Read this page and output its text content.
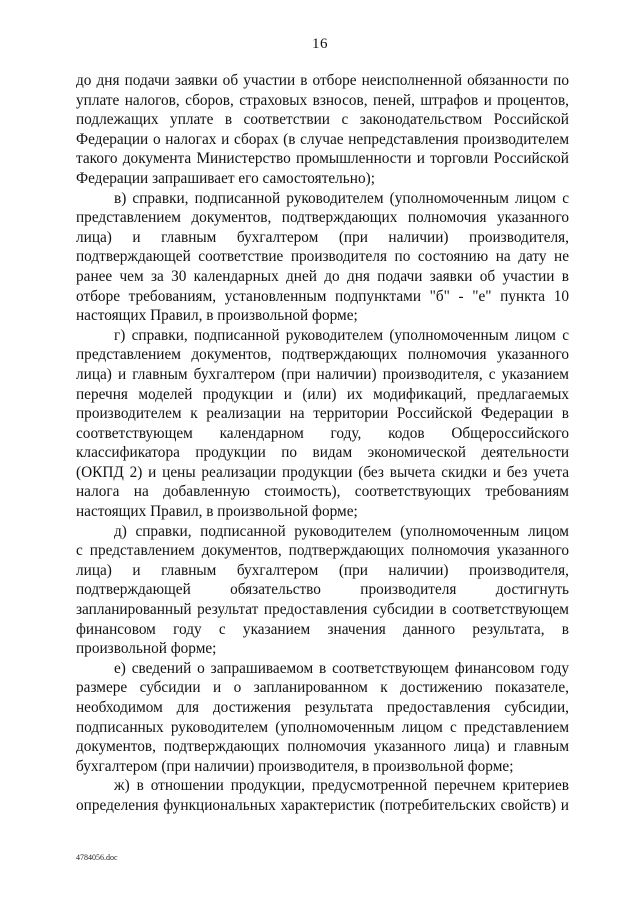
16

до дня подачи заявки об участии в отборе неисполненной обязанности по

уплате налогов, сборов, страховых взносов, пеней, штрафов и процентов,

подлежащих уплате в соответствии с законодательством Российской

Федерации о налогах и сборах (в случае непредставления производителем

такого документа Министерство промышленности и торговли Российской

Федерации запрашивает его самостоятельно);

в) справки, подписанной руководителем (уполномоченным лицом с

представлением документов, подтверждающих полномочия указанного

лица) и главным бухгалтером (при наличии) производителя,

подтверждающей соответствие производителя по состоянию на дату не

ранее чем за 30 календарных дней до дня подачи заявки об участии в

отборе требованиям, установленным подпунктами "б" - "е" пункта 10

настоящих Правил, в произвольной форме;

г) справки, подписанной руководителем (уполномоченным лицом с

представлением документов, подтверждающих полномочия указанного

лица) и главным бухгалтером (при наличии) производителя, с указанием

перечня моделей продукции и (или) их модификаций, предлагаемых

производителем к реализации на территории Российской Федерации в

соответствующем календарном году, кодов Общероссийского

классификатора продукции по видам экономической деятельности

(ОКПД 2) и цены реализации продукции (без вычета скидки и без учета

налога на добавленную стоимость), соответствующих требованиям

настоящих Правил, в произвольной форме;

д) справки, подписанной руководителем (уполномоченным лицом

с представлением документов, подтверждающих полномочия указанного

лица) и главным бухгалтером (при наличии) производителя,

подтверждающей обязательство производителя достигнуть

запланированный результат предоставления субсидии в соответствующем

финансовом году с указанием значения данного результата, в

произвольной форме;

е) сведений о запрашиваемом в соответствующем финансовом году

размере субсидии и о запланированном к достижению показателе,

необходимом для достижения результата предоставления субсидии,

подписанных руководителем (уполномоченным лицом с представлением

документов, подтверждающих полномочия указанного лица) и главным

бухгалтером (при наличии) производителя, в произвольной форме;

ж) в отношении продукции, предусмотренной перечнем критериев

определения функциональных характеристик (потребительских свойств) и

4784056.doc
